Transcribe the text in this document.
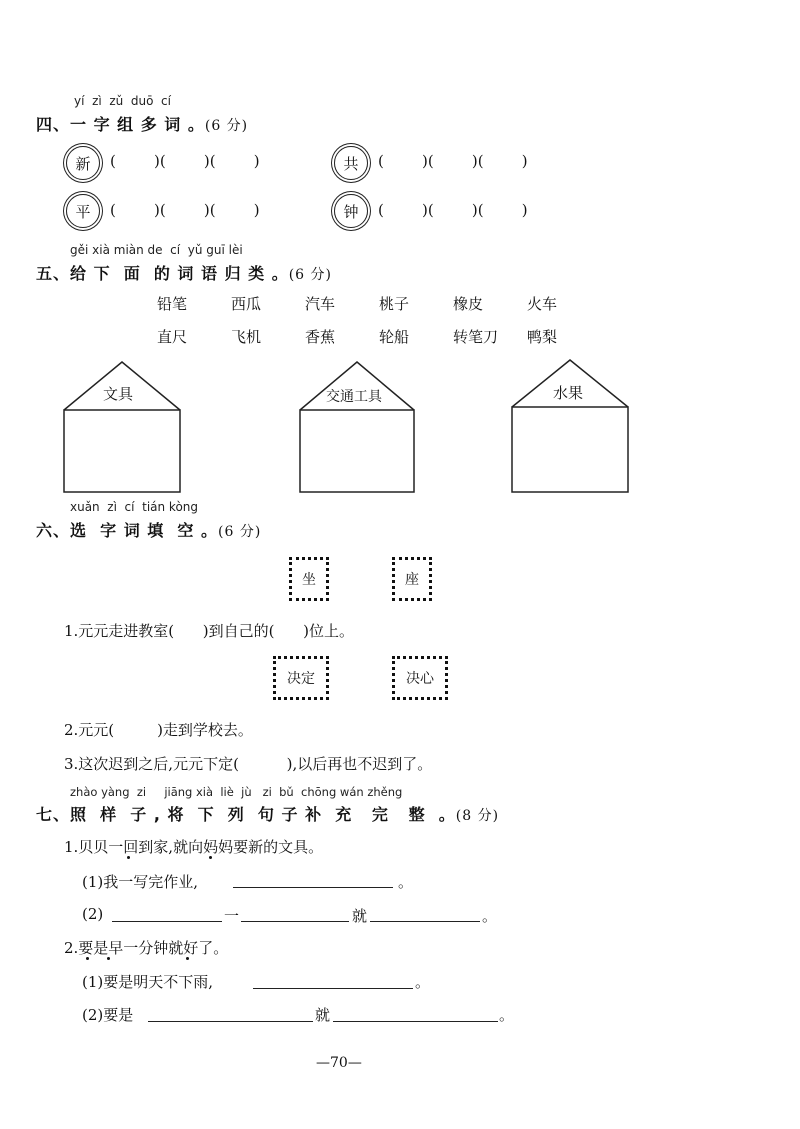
yí  zì  zǔ  duō  cí
四、一 字 组 多 词 。(6 分)
新	(        )(        )(        )	共	(        )(        )(        )
平	(        )(        )(        )	钟	(        )(        )(        )
gěi xià miàn de  cí  yǔ guī lèi
五、给 下  面  的 词 语 归 类 。(6 分)
铅笔	西瓜	汽车	桃子	橡皮	火车
直尺	飞机	香蕉	轮船	转笔刀 鸭梨
文具	交通工具	水果
xuǎn  zì  cí  tián kòng
六、选  字 词 填  空 。(6 分)
坐	座
1.元元走进教室(      )到自己的(      )位上。
决定	决心
2.元元(         )走到学校去。
3.这次迟到之后,元元下定(          ),以后再也不迟到了。
zhào yàng  zi     jiāng xià  liè  jù   zi  bǔ  chōng wán zhěng
七、照  样  子 , 将  下  列  句 子 补  充   完   整  。(8 分)
1.贝贝一回到家,就向妈妈要新的文具。
(1)我一写完作业,	。
(2)	一	就	。
2.要是早一分钟就好了。
(1)要是明天不下雨,	。
(2)要是	就	。
—70—
